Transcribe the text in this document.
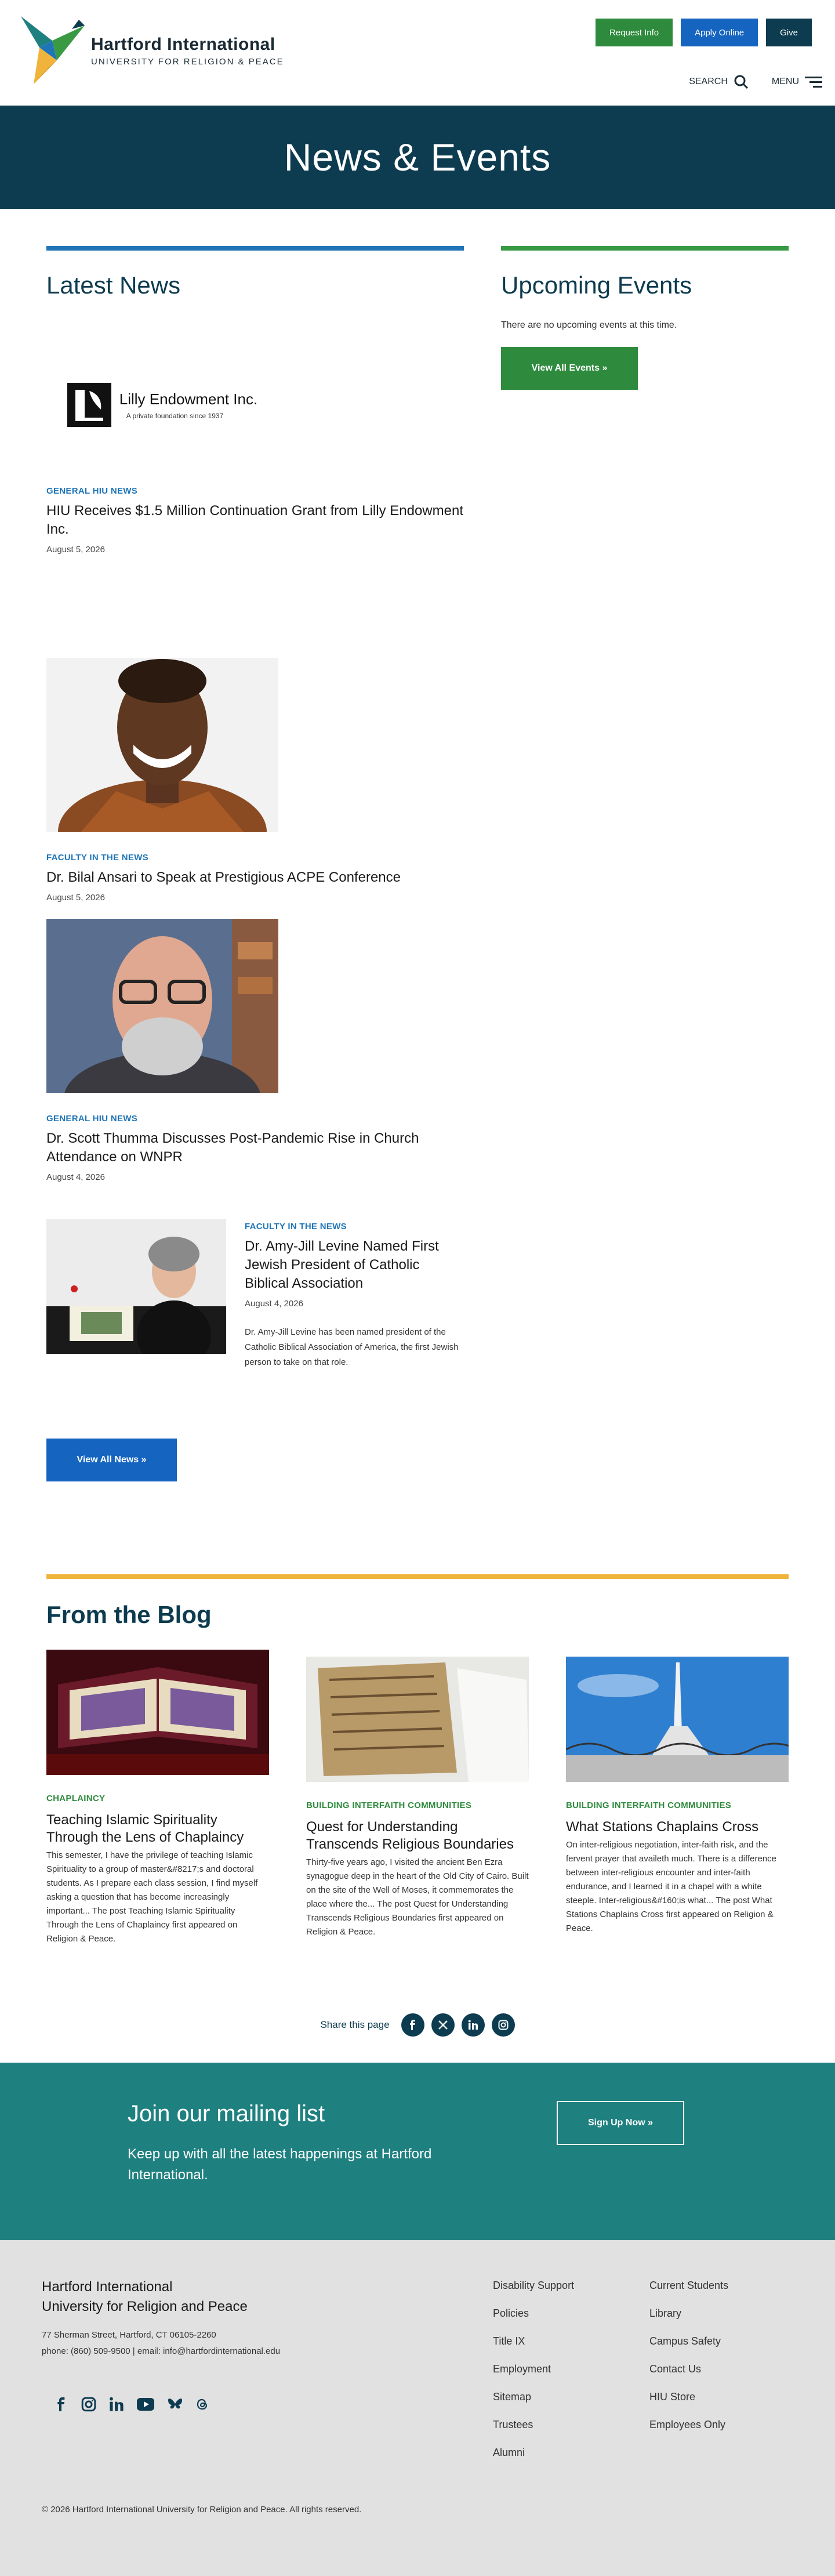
Hartford International
UNIVERSITY FOR RELIGION & PEACE
Request Info	Apply Online	Give
SEARCH	MENU
News & Events
Latest News	Upcoming Events
There are no upcoming events at this time.
View All Events »
Lilly Endowment Inc.
A private foundation since 1937
GENERAL HIU NEWS
HIU Receives $1.5 Million Continuation Grant from Lilly Endowment Inc.
August 5, 2026
FACULTY IN THE NEWS
Dr. Bilal Ansari to Speak at Prestigious ACPE Conference
August 5, 2026
GENERAL HIU NEWS
Dr. Scott Thumma Discusses Post-Pandemic Rise in Church Attendance on WNPR
August 4, 2026
FACULTY IN THE NEWS
Dr. Amy-Jill Levine Named First Jewish President of Catholic Biblical Association
August 4, 2026
Dr. Amy-Jill Levine has been named president of the Catholic Biblical Association of America, the first Jewish person to take on that role.
View All News »
From the Blog
CHAPLAINCY
Teaching Islamic Spirituality Through the Lens of Chaplaincy
This semester, I have the privilege of teaching Islamic Spirituality to a group of master&#8217;s and doctoral students. As I prepare each class session, I find myself asking a question that has become increasingly important... The post Teaching Islamic Spirituality Through the Lens of Chaplaincy first appeared on Religion & Peace.
BUILDING INTERFAITH COMMUNITIES
Quest for Understanding Transcends Religious Boundaries
Thirty-five years ago, I visited the ancient Ben Ezra synagogue deep in the heart of the Old City of Cairo. Built on the site of the Well of Moses, it commemorates the place where the... The post Quest for Understanding Transcends Religious Boundaries first appeared on Religion & Peace.
BUILDING INTERFAITH COMMUNITIES
What Stations Chaplains Cross
On inter-religious negotiation, inter-faith risk, and the fervent prayer that availeth much. There is a difference between inter-religious encounter and inter-faith endurance, and I learned it in a chapel with a white steeple. Inter-religious&#160;is what... The post What Stations Chaplains Cross first appeared on Religion & Peace.
Share this page
Join our mailing list
Keep up with all the latest happenings at Hartford International.
Sign Up Now »
Hartford International
University for Religion and Peace
77 Sherman Street, Hartford, CT 06105-2260
phone: (860) 509-9500 | email: info@hartfordinternational.edu
Disability Support
Policies
Title IX
Employment
Sitemap
Trustees
Alumni
Current Students
Library
Campus Safety
Contact Us
HIU Store
Employees Only
© 2026 Hartford International University for Religion and Peace. All rights reserved.
